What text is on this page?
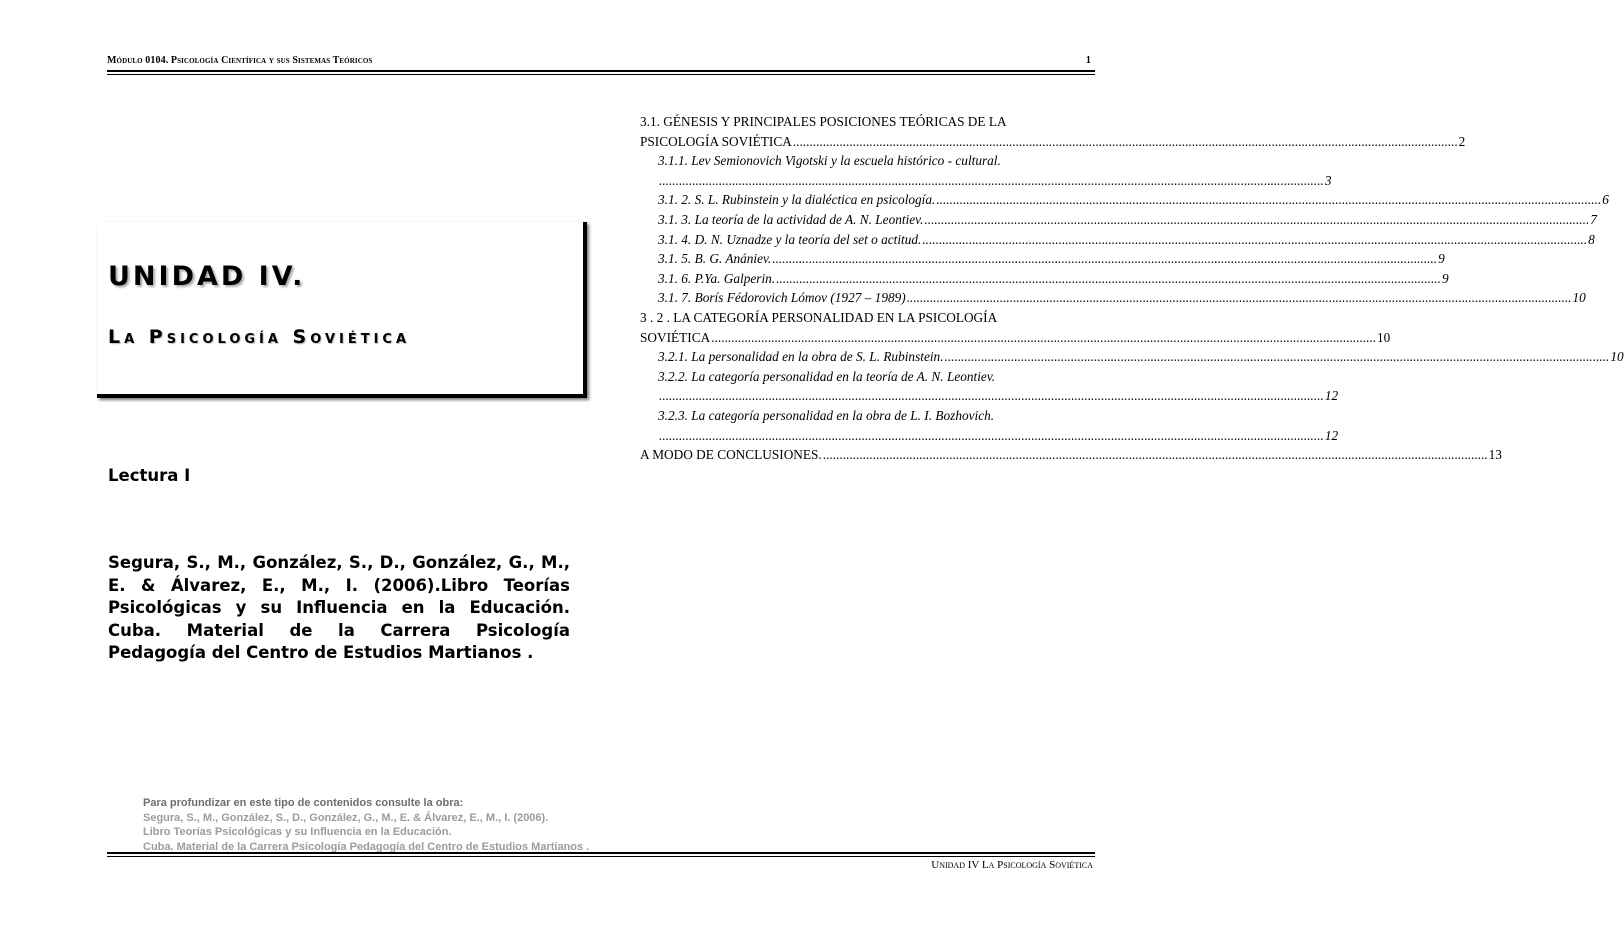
Módulo 0104. Psicología Científica y sus Sistemas Teóricos	1
UNIDAD IV.
La Psicología Soviética
Lectura I
Segura, S., M., González, S., D., González, G., M., E. & Álvarez, E., M., I. (2006).Libro Teorías Psicológicas y su Influencia en la Educación. Cuba. Material de la Carrera Psicología Pedagogía del Centro de Estudios Martianos .
Para profundizar en este tipo de contenidos consulte la obra:
Segura, S., M., González, S., D., González, G., M., E. & Álvarez, E., M., I. (2006).
Libro Teorías Psicológicas y su Influencia en la Educación.
Cuba. Material de la Carrera Psicología Pedagogía del Centro de Estudios Martianos .
Unidad IV La Psicología Soviética
3.1. GÉNESIS Y PRINCIPALES POSICIONES TEÓRICAS DE LA
PSICOLOGÍA SOVIÉTICA ........................................................................................................................................................................................................ 2
3.1.1. Lev Semionovich Vigotski y la escuela histórico - cultural.
........................................................................................................................................................................................................ 3
3.1. 2. S. L. Rubinstein y la dialéctica en psicología. ........................................................................................................................................................................................................ 6
3.1. 3. La teoría de la actividad de A. N. Leontiev. ........................................................................................................................................................................................................ 7
3.1. 4. D. N. Uznadze y la teoría del set o actitud. ........................................................................................................................................................................................................ 8
3.1. 5. B. G. Anániev. ........................................................................................................................................................................................................ 9
3.1. 6. P.Ya. Galperin. ........................................................................................................................................................................................................ 9
3.1. 7. Borís Fédorovich Lómov (1927 – 1989) ........................................................................................................................................................................................................ 10
3 . 2 . LA CATEGORÍA PERSONALIDAD EN LA PSICOLOGÍA
SOVIÉTICA ........................................................................................................................................................................................................ 10
3.2.1. La personalidad en la obra de S. L. Rubinstein. ........................................................................................................................................................................................................ 10
3.2.2. La categoría personalidad en la teoría de A. N. Leontiev.
........................................................................................................................................................................................................ 12
3.2.3. La categoría personalidad en la obra de L. I. Bozhovich.
........................................................................................................................................................................................................ 12
A MODO DE CONCLUSIONES. ........................................................................................................................................................................................................ 13
